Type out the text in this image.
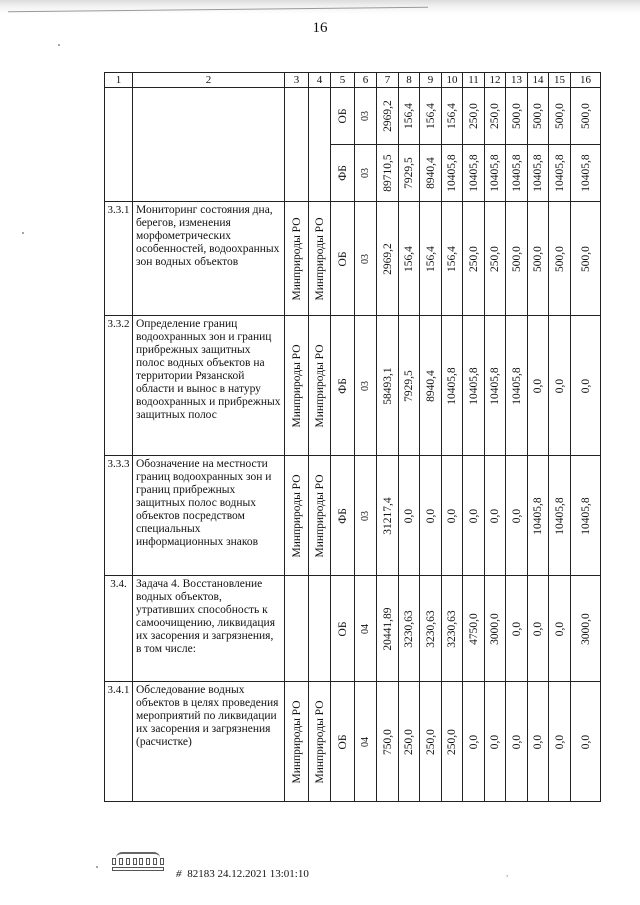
16
1	2	3	4	5	6	7	8	9	10	11	12	13	14	15	16

				ОБ	03	2969,2	156,4	156,4	156,4	250,0	250,0	500,0	500,0	500,0	500,0

				ФБ	03	89710,5	7929,5	8940,4	10405,8	10405,8	10405,8	10405,8	10405,8	10405,8	10405,8

3.3.1	Мониторинг состояния дна, берегов, изменения морфометрических особенностей, водоохранных зон водных объектов	Минприроды РО	Минприроды РО	ОБ	03	2969,2	156,4	156,4	156,4	250,0	250,0	500,0	500,0	500,0	500,0

3.3.2	Определение границ водоохранных зон и границ прибрежных защитных полос водных объектов на территории Рязанской области и вынос в натуру водоохранных и прибрежных защитных полос	Минприроды РО	Минприроды РО	ФБ	03	58493,1	7929,5	8940,4	10405,8	10405,8	10405,8	10405,8	0,0	0,0	0,0

3.3.3	Обозначение на местности границ водоохранных зон и границ прибрежных защитных полос водных объектов посредством специальных информационных знаков	Минприроды РО	Минприроды РО	ФБ	03	31217,4	0,0	0,0	0,0	0,0	0,0	0,0	10405,8	10405,8	10405,8

3.4.	Задача 4. Восстановление водных объектов, утративших способность к самоочищению, ликвидация их засорения и загрязнения, в том числе:			ОБ	04	20441,89	3230,63	3230,63	3230,63	4750,0	3000,0	0,0	0,0	0,0	3000,0

3.4.1	Обследование водных объектов в целях проведения мероприятий по ликвидации их засорения и загрязнения (расчистке)	Минприроды РО	Минприроды РО	ОБ	04	750,0	250,0	250,0	250,0	0,0	0,0	0,0	0,0	0,0	0,0
# 82183 24.12.2021 13:01:10	,
